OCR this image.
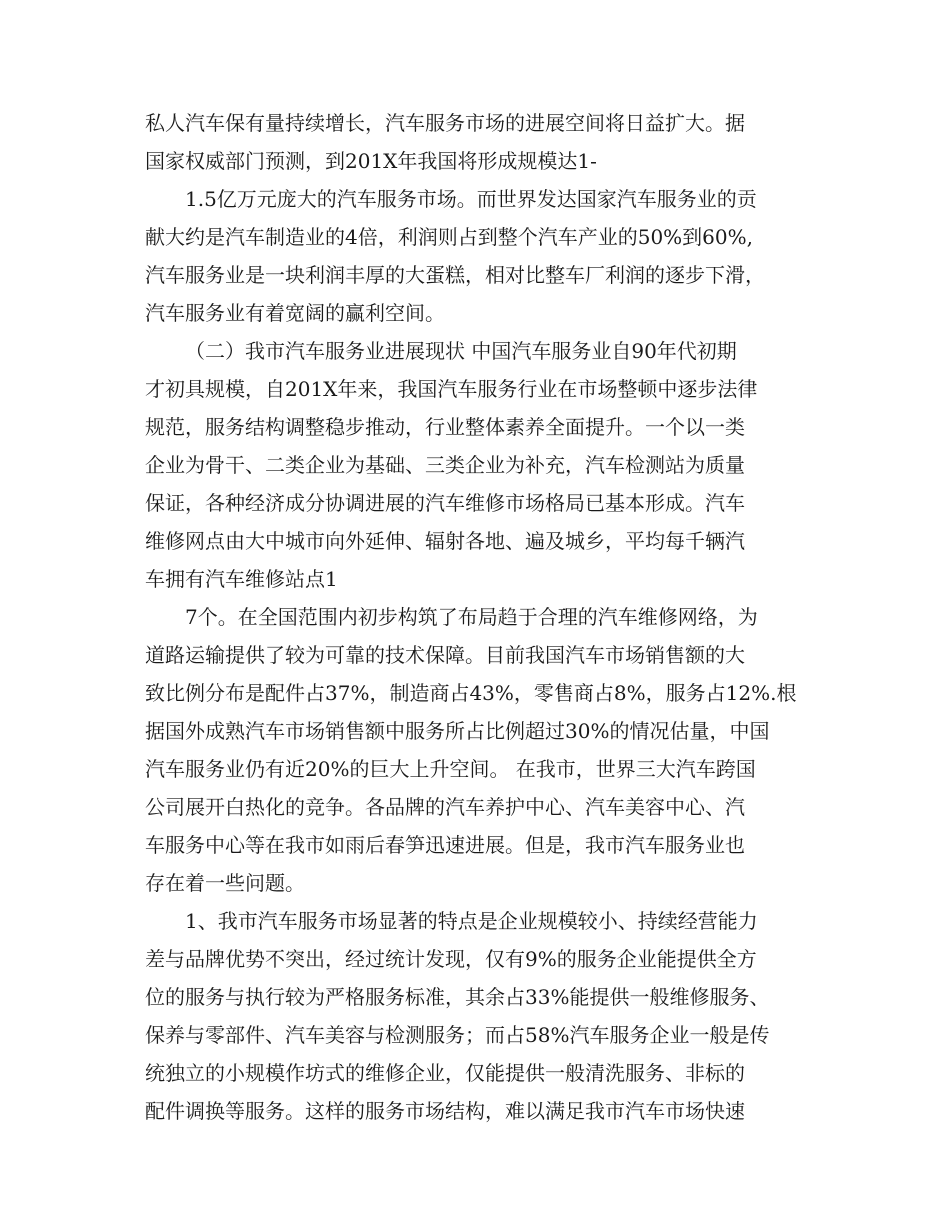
私人汽车保有量持续增长，汽车服务市场的进展空间将日益扩大。据
国家权威部门预测，到201X年我国将形成规模达1-
1.5亿万元庞大的汽车服务市场。而世界发达国家汽车服务业的贡
献大约是汽车制造业的4倍，利润则占到整个汽车产业的50%到60%,
汽车服务业是一块利润丰厚的大蛋糕，相对比整车厂利润的逐步下滑，
汽车服务业有着宽阔的赢利空间。
（二）我市汽车服务业进展现状 中国汽车服务业自90年代初期
才初具规模，自201X年来，我国汽车服务行业在市场整顿中逐步法律
规范，服务结构调整稳步推动，行业整体素养全面提升。一个以一类
企业为骨干、二类企业为基础、三类企业为补充，汽车检测站为质量
保证，各种经济成分协调进展的汽车维修市场格局已基本形成。汽车
维修网点由大中城市向外延伸、辐射各地、遍及城乡，平均每千辆汽
车拥有汽车维修站点1
7个。在全国范围内初步构筑了布局趋于合理的汽车维修网络，为
道路运输提供了较为可靠的技术保障。目前我国汽车市场销售额的大
致比例分布是配件占37%，制造商占43%，零售商占8%，服务占12%.根
据国外成熟汽车市场销售额中服务所占比例超过30%的情况估量，中国
汽车服务业仍有近20%的巨大上升空间。 在我市，世界三大汽车跨国
公司展开白热化的竞争。各品牌的汽车养护中心、汽车美容中心、汽
车服务中心等在我市如雨后春笋迅速进展。但是，我市汽车服务业也
存在着一些问题。
1、我市汽车服务市场显著的特点是企业规模较小、持续经营能力
差与品牌优势不突出，经过统计发现，仅有9%的服务企业能提供全方
位的服务与执行较为严格服务标准，其余占33%能提供一般维修服务、
保养与零部件、汽车美容与检测服务；而占58%汽车服务企业一般是传
统独立的小规模作坊式的维修企业，仅能提供一般清洗服务、非标的
配件调换等服务。这样的服务市场结构，难以满足我市汽车市场快速
